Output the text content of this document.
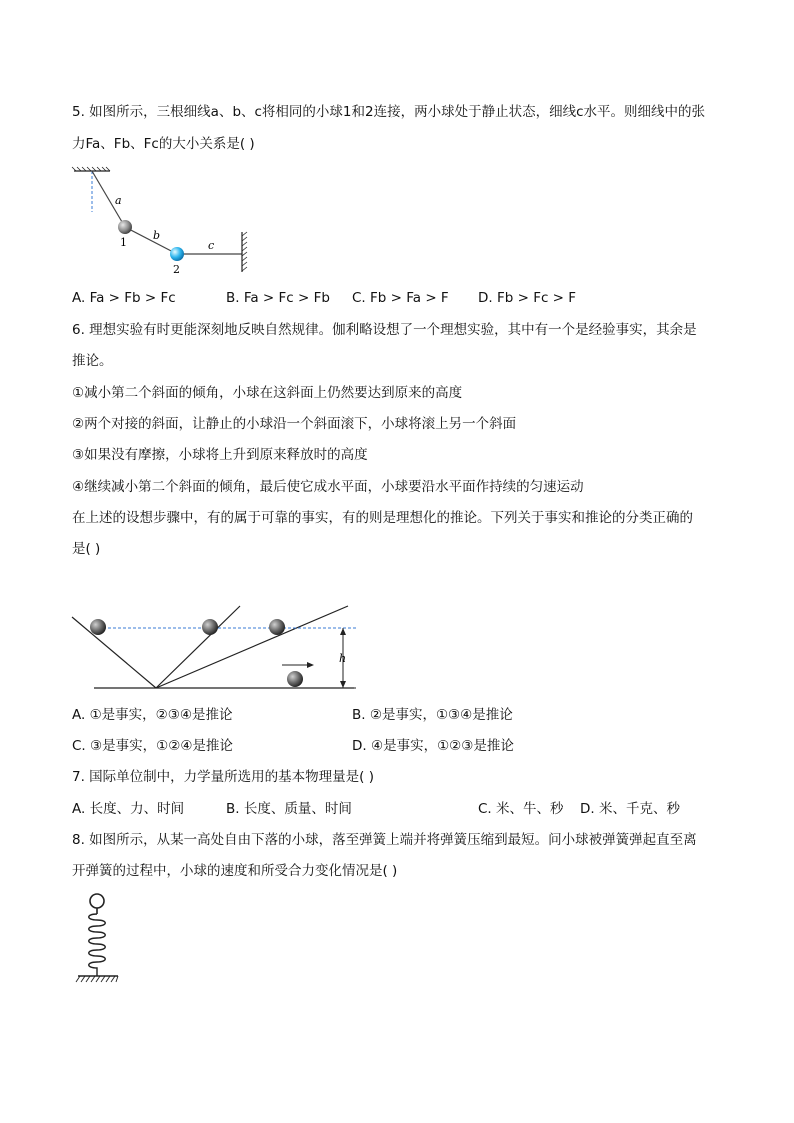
5. 如图所示，三根细线a、b、c将相同的小球1和2连接，两小球处于静止状态，细线c水平。则细线中的张
力Fa、Fb、Fc的大小关系是( )
a
b
c
1
2
A. Fa > Fb > Fc	B. Fa > Fc > Fb C. Fb > Fa > F D. Fb > Fc > F
6. 理想实验有时更能深刻地反映自然规律。伽利略设想了一个理想实验，其中有一个是经验事实，其余是
推论。
①减小第二个斜面的倾角，小球在这斜面上仍然要达到原来的高度
②两个对接的斜面，让静止的小球沿一个斜面滚下，小球将滚上另一个斜面
③如果没有摩擦，小球将上升到原来释放时的高度
④继续减小第二个斜面的倾角，最后使它成水平面，小球要沿水平面作持续的匀速运动
在上述的设想步骤中，有的属于可靠的事实，有的则是理想化的推论。下列关于事实和推论的分类正确的
是( )
h
A. ①是事实，②③④是推论	B. ②是事实，①③④是推论
C. ③是事实，①②④是推论	D. ④是事实，①②③是推论
7. 国际单位制中，力学量所选用的基本物理量是( )
A. 长度、力、时间	B. 长度、质量、时间	C. 米、牛、秒 D. 米、千克、秒
8. 如图所示，从某一高处自由下落的小球，落至弹簧上端并将弹簧压缩到最短。问小球被弹簧弹起直至离
开弹簧的过程中，小球的速度和所受合力变化情况是( )
